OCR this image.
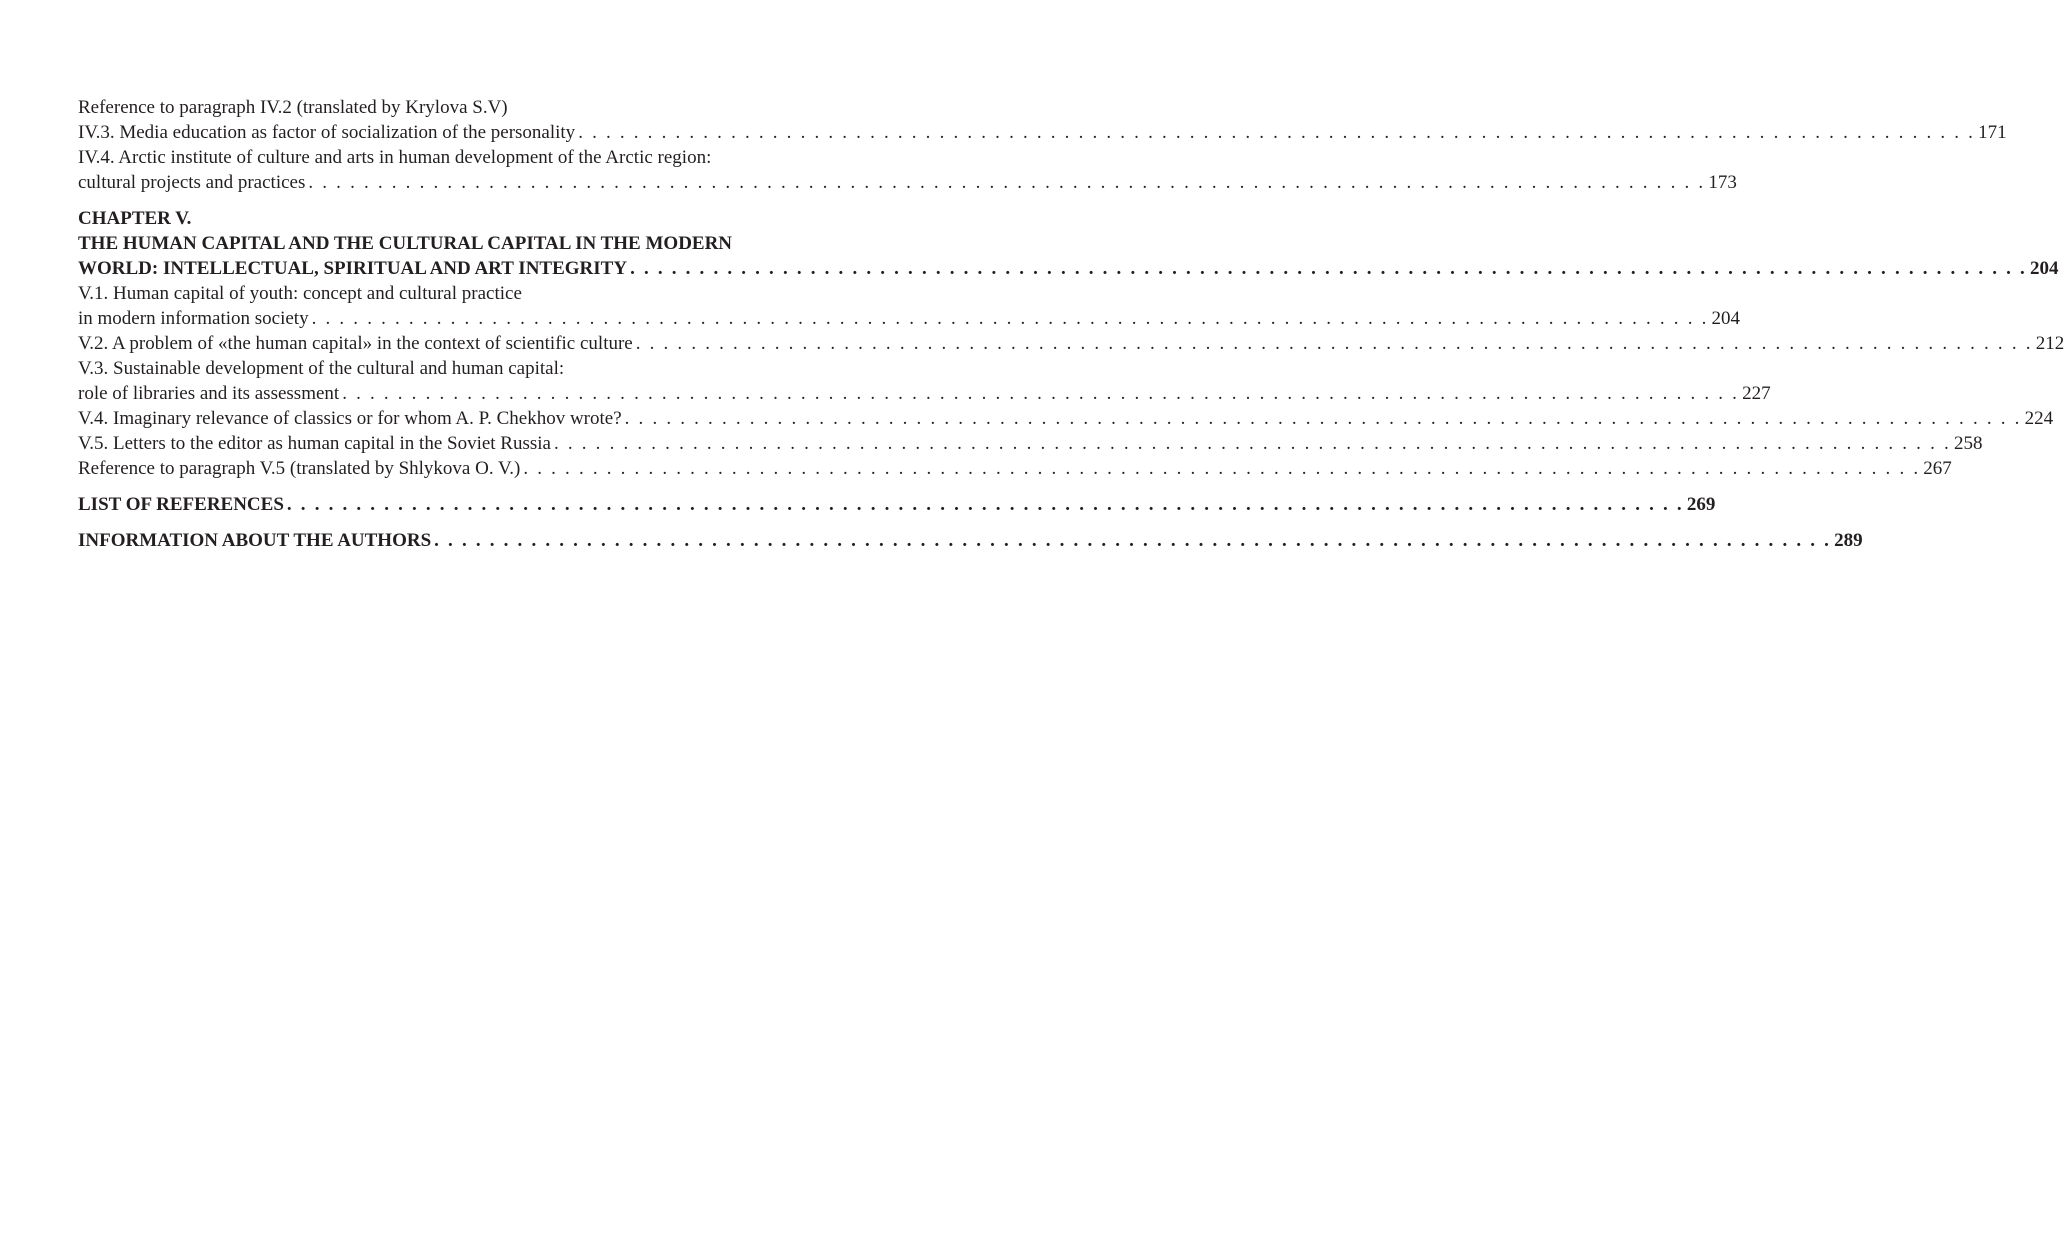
Reference to paragraph IV.2 (translated by Krylova S.V)
IV.3. Media education as factor of socialization of the personality . . . . . . . . . . . . . . . . . . . . . . . . . . . . . . . . . . . . . . . . . . . . . . . . . . . . . . . . . . . . . . . . . . . . . . . . . . . . . . . . . . . . . . . . . . . . . . . . . . . . . 171
IV.4. Arctic institute of culture and arts in human development of the Arctic region:
cultural projects and practices . . . . . . . . . . . . . . . . . . . . . . . . . . . . . . . . . . . . . . . . . . . . . . . . . . . . . . . . . . . . . . . . . . . . . . . . . . . . . . . . . . . . . . . . . . . . . . . . . . . . . 173
CHAPTER V.
THE HUMAN CAPITAL AND THE CULTURAL CAPITAL IN THE MODERN
WORLD: INTELLECTUAL, SPIRITUAL AND ART INTEGRITY . . . . . . . . . . . . . . . . . . . . . . . . . . . . . . . . . . . . . . . . . . . . . . . . . . . . . . . . . . . . . . . . . . . . . . . . . . . . . . . . . . . . . . . . . . . . . . . . . . . . . 204
V.1. Human capital of youth: concept and cultural practice
in modern information society . . . . . . . . . . . . . . . . . . . . . . . . . . . . . . . . . . . . . . . . . . . . . . . . . . . . . . . . . . . . . . . . . . . . . . . . . . . . . . . . . . . . . . . . . . . . . . . . . . . . . 204
V.2. A problem of «the human capital» in the context of scientific culture . . . . . . . . . . . . . . . . . . . . . . . . . . . . . . . . . . . . . . . . . . . . . . . . . . . . . . . . . . . . . . . . . . . . . . . . . . . . . . . . . . . . . . . . . . . . . . . . . . . . . 212
V.3. Sustainable development of the cultural and human capital:
role of libraries and its assessment . . . . . . . . . . . . . . . . . . . . . . . . . . . . . . . . . . . . . . . . . . . . . . . . . . . . . . . . . . . . . . . . . . . . . . . . . . . . . . . . . . . . . . . . . . . . . . . . . . . . . 227
V.4. Imaginary relevance of classics or for whom A. P. Chekhov wrote? . . . . . . . . . . . . . . . . . . . . . . . . . . . . . . . . . . . . . . . . . . . . . . . . . . . . . . . . . . . . . . . . . . . . . . . . . . . . . . . . . . . . . . . . . . . . . . . . . . . . . 224
V.5. Letters to the editor as human capital in the Soviet Russia . . . . . . . . . . . . . . . . . . . . . . . . . . . . . . . . . . . . . . . . . . . . . . . . . . . . . . . . . . . . . . . . . . . . . . . . . . . . . . . . . . . . . . . . . . . . . . . . . . . . . 258
Reference to paragraph V.5 (translated by Shlykova O. V.) . . . . . . . . . . . . . . . . . . . . . . . . . . . . . . . . . . . . . . . . . . . . . . . . . . . . . . . . . . . . . . . . . . . . . . . . . . . . . . . . . . . . . . . . . . . . . . . . . . . . . 267
LIST OF REFERENCES . . . . . . . . . . . . . . . . . . . . . . . . . . . . . . . . . . . . . . . . . . . . . . . . . . . . . . . . . . . . . . . . . . . . . . . . . . . . . . . . . . . . . . . . . . . . . . . . . . . . . 269
INFORMATION ABOUT THE AUTHORS . . . . . . . . . . . . . . . . . . . . . . . . . . . . . . . . . . . . . . . . . . . . . . . . . . . . . . . . . . . . . . . . . . . . . . . . . . . . . . . . . . . . . . . . . . . . . . . . . . . . . 289
